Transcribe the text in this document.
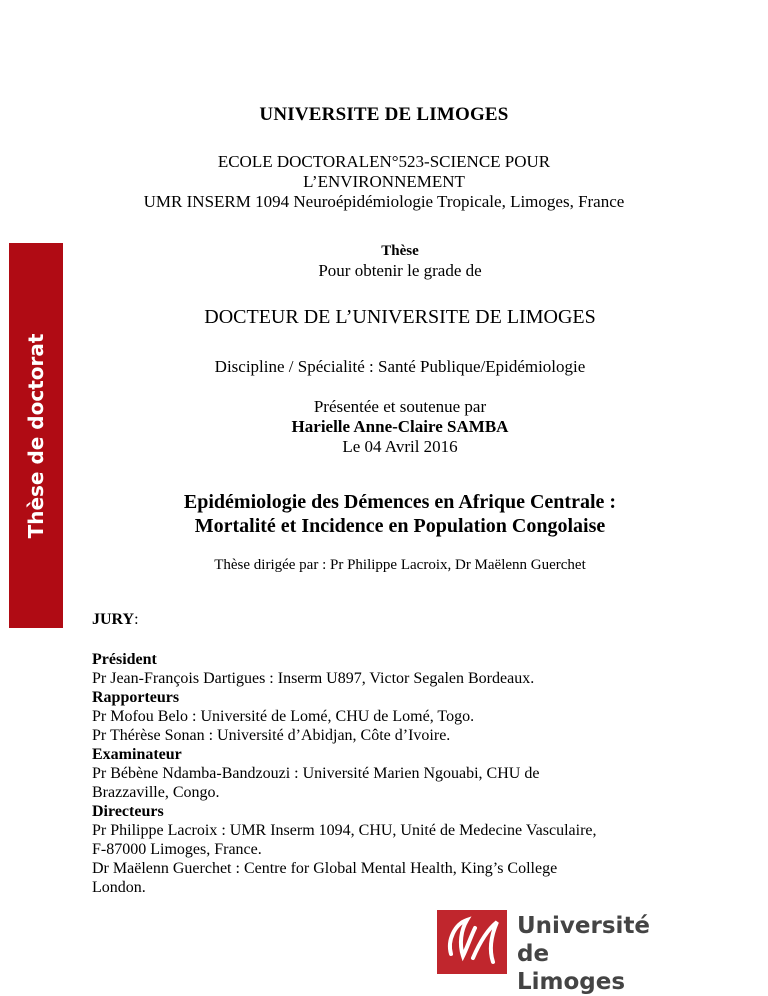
UNIVERSITE DE LIMOGES
ECOLE DOCTORALEN°523-SCIENCE POUR
L’ENVIRONNEMENT
UMR INSERM 1094 Neuroépidémiologie Tropicale, Limoges, France
Thèse de doctorat
Thèse
Pour obtenir le grade de
DOCTEUR DE L’UNIVERSITE DE LIMOGES
Discipline / Spécialité : Santé Publique/Epidémiologie
Présentée et soutenue par
Harielle Anne-Claire SAMBA
Le 04 Avril 2016
Epidémiologie des Démences en Afrique Centrale :
Mortalité et Incidence en Population Congolaise
Thèse dirigée par : Pr Philippe Lacroix, Dr Maëlenn Guerchet
JURY:
Président
Pr Jean-François Dartigues : Inserm U897, Victor Segalen Bordeaux.
Rapporteurs
Pr Mofou Belo : Université de Lomé, CHU de Lomé, Togo.
Pr Thérèse Sonan : Université d’Abidjan, Côte d’Ivoire.
Examinateur
Pr Bébène Ndamba-Bandzouzi : Université Marien Ngouabi, CHU de
Brazzaville, Congo.
Directeurs
Pr Philippe Lacroix : UMR Inserm 1094, CHU, Unité de Medecine Vasculaire,
F-87000 Limoges, France.
Dr Maëlenn Guerchet : Centre for Global Mental Health, King’s College
London.
Université
de Limoges
